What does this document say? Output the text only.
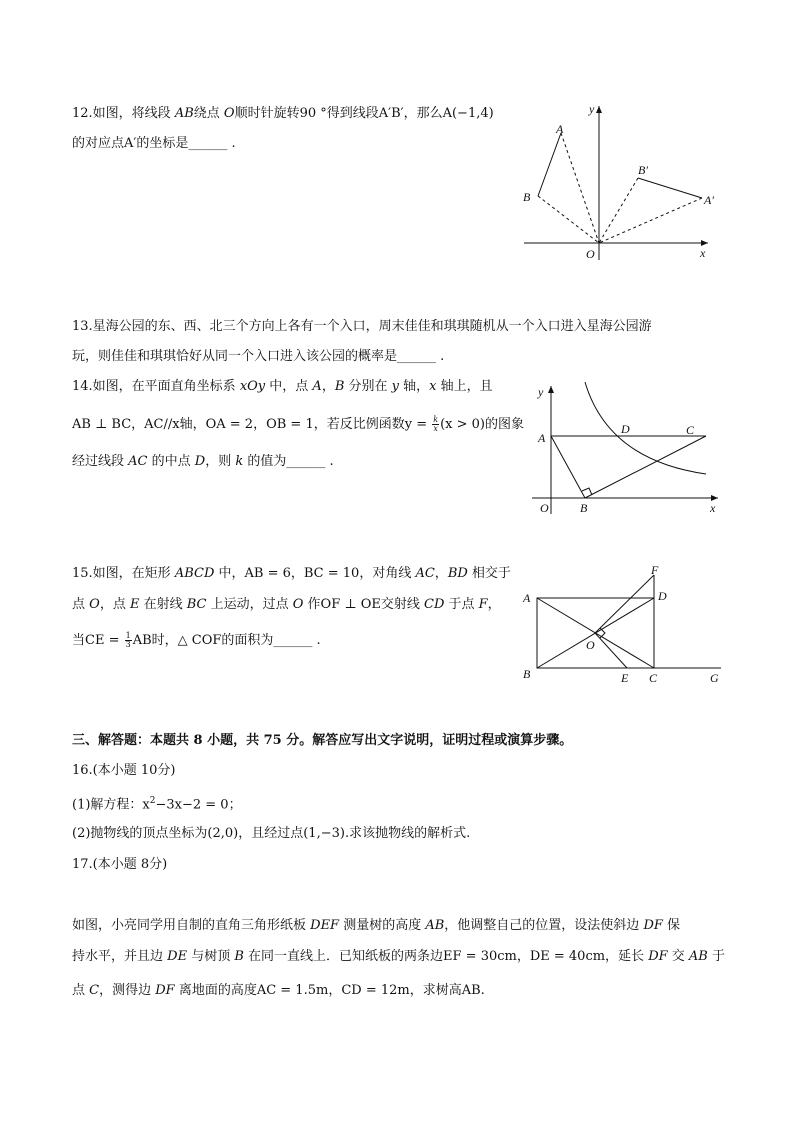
12.如图，将线段 AB绕点 O顺时针旋转90 °得到线段A′B′，那么A(−1,4)
的对应点A′的坐标是______ .
A
B
B′
A′
O	x
y
13.星海公园的东、西、北三个方向上各有一个入口，周末佳佳和琪琪随机从一个入口进入星海公园游
玩，则佳佳和琪琪恰好从同一个入口进入该公园的概率是______ .
14.如图，在平面直角坐标系 xOy 中，点 A，B 分别在 y 轴，x 轴上，且
AB ⊥ BC，AC//x轴，OA = 2，OB = 1，若反比例函数$y = \frac{k}{x} (x > 0)$的图象
经过线段 AC 的中点 D，则 k 的值为______ .
A
D	C
B
O	x
y
15.如图，在矩形 ABCD 中，AB = 6，BC = 10，对角线 AC，BD 相交于
点 O，点 E 在射线 BC 上运动，过点 O 作OF ⊥ OE交射线 CD 于点 F，
当CE = $\frac{1}{3}$ AB时，△ COF的面积为______ .
A	D
F
O
B	E C	G
三、解答题：本题共 8 小题，共 75 分。解答应写出文字说明，证明过程或演算步骤。
16.(本小题 10分)
(1)解方程：$x^2-3x-2 = 0$；
(2)抛物线的顶点坐标为(2,0)，且经过点(1,−3).求该抛物线的解析式.
17.(本小题 8分)
如图，小亮同学用自制的直角三角形纸板 DEF 测量树的高度 AB，他调整自己的位置，设法使斜边 DF 保
持水平，并且边 DE 与树顶 B 在同一直线上．已知纸板的两条边EF = 30cm，DE = 40cm，延长 DF 交 AB 于
点 C，测得边 DF 离地面的高度AC = 1.5m，CD = 12m，求树高AB.
